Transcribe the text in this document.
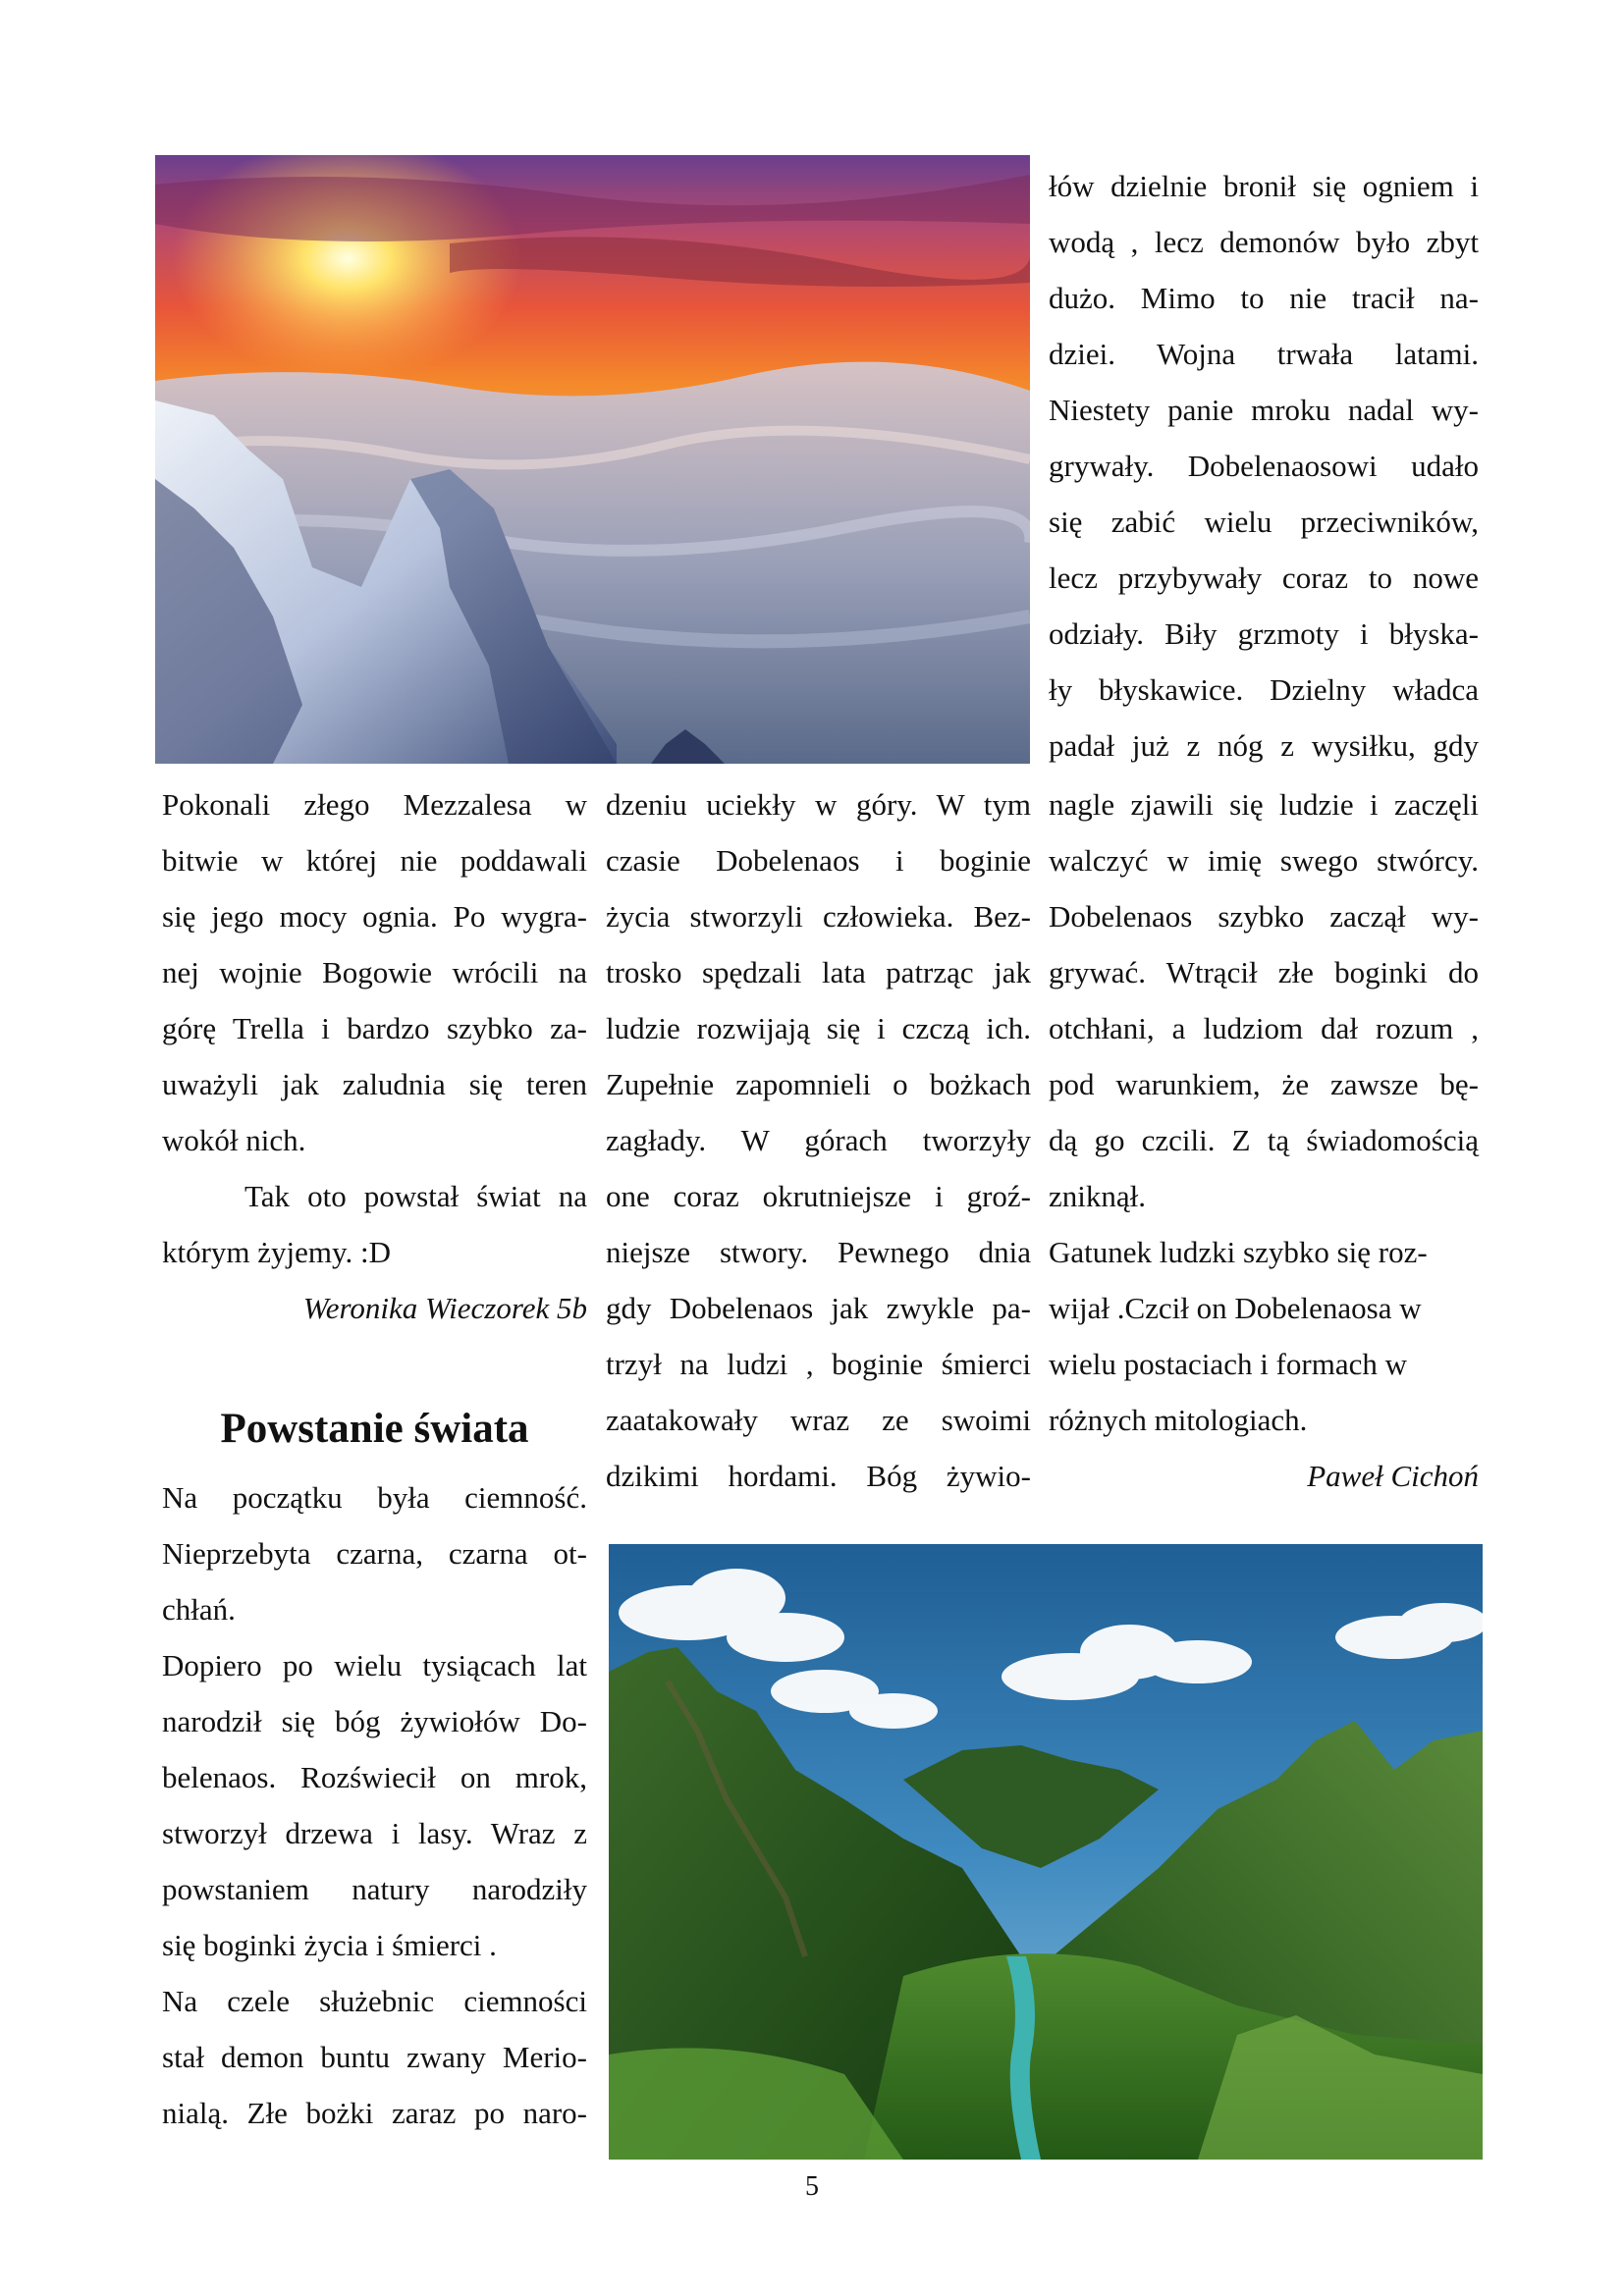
Pokonali złego Mezzalesa w
bitwie w której nie poddawali
się jego mocy ognia. Po wygra-
nej wojnie Bogowie wrócili na
górę Trella i bardzo szybko za-
uważyli jak zaludnia się teren
wokół nich.
Tak oto powstał świat na
którym żyjemy. :D
Weronika Wieczorek 5b
Powstanie świata
Na początku była ciemność.
Nieprzebyta czarna, czarna ot-
chłań.
Dopiero po wielu tysiącach lat
narodził się bóg żywiołów Do-
belenaos. Rozświecił on mrok,
stworzył drzewa i lasy. Wraz z
powstaniem natury narodziły
się boginki życia i śmierci .
Na czele służebnic ciemności
stał demon buntu zwany Merio-
nialą. Złe bożki zaraz po naro-
dzeniu uciekły w góry. W tym
czasie Dobelenaos i boginie
życia stworzyli człowieka. Bez-
trosko spędzali lata patrząc jak
ludzie rozwijają się i czczą ich.
Zupełnie zapomnieli o bożkach
zagłady. W górach tworzyły
one coraz okrutniejsze i groź-
niejsze stwory. Pewnego dnia
gdy Dobelenaos jak zwykle pa-
trzył na ludzi , boginie śmierci
zaatakowały wraz ze swoimi
dzikimi hordami. Bóg żywio-
łów dzielnie bronił się ogniem i
wodą , lecz demonów było zbyt
dużo. Mimo to nie tracił na-
dziei. Wojna trwała latami.
Niestety panie mroku nadal wy-
grywały. Dobelenaosowi udało
się zabić wielu przeciwników,
lecz przybywały coraz to nowe
odziały. Biły grzmoty i błyska-
ły błyskawice. Dzielny władca
padał już z nóg z wysiłku, gdy
nagle zjawili się ludzie i zaczęli
walczyć w imię swego stwórcy.
Dobelenaos szybko zaczął wy-
grywać. Wtrącił złe boginki do
otchłani, a ludziom dał rozum ,
pod warunkiem, że zawsze bę-
dą go czcili. Z tą świadomością
zniknął.
Gatunek ludzki szybko się roz-
wijał .Czcił on Dobelenaosa w
wielu postaciach i formach w
różnych mitologiach.
Paweł Cichoń
5
